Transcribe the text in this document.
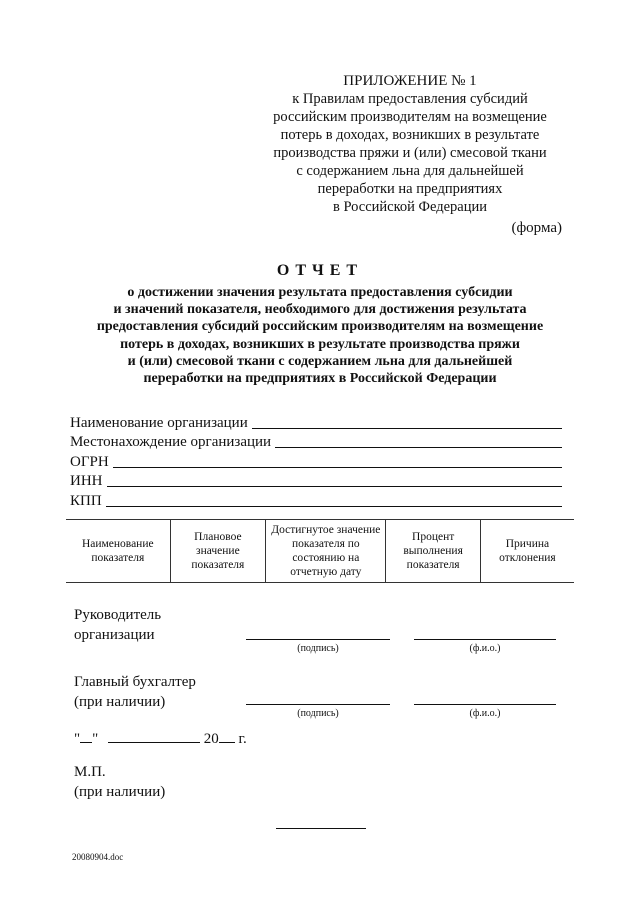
ПРИЛОЖЕНИЕ № 1
к Правилам предоставления субсидий
российским производителям на возмещение
потерь в доходах, возникших в результате
производства пряжи и (или) смесовой ткани
с содержанием льна для дальнейшей
переработки на предприятиях
в Российской Федерации
(форма)
ОТЧЕТ
о достижении значения результата предоставления субсидии
и значений показателя, необходимого для достижения результата
предоставления субсидий российским производителям на возмещение
потерь в доходах, возникших в результате производства пряжи
и (или) смесовой ткани с содержанием льна для дальнейшей
переработки на предприятиях в Российской Федерации
Наименование организации
Местонахождение организации
ОГРН
ИНН
КПП
Наименование показателя	Плановое значение показателя	Достигнутое значение показателя по состоянию на отчетную дату	Процент выполнения показателя	Причина отклонения
Руководитель
организации
(подпись)	(ф.и.о.)
Главный бухгалтер
(при наличии)
(подпись)	(ф.и.о.)
" "	20 г.
М.П.
(при наличии)
20080904.doc
